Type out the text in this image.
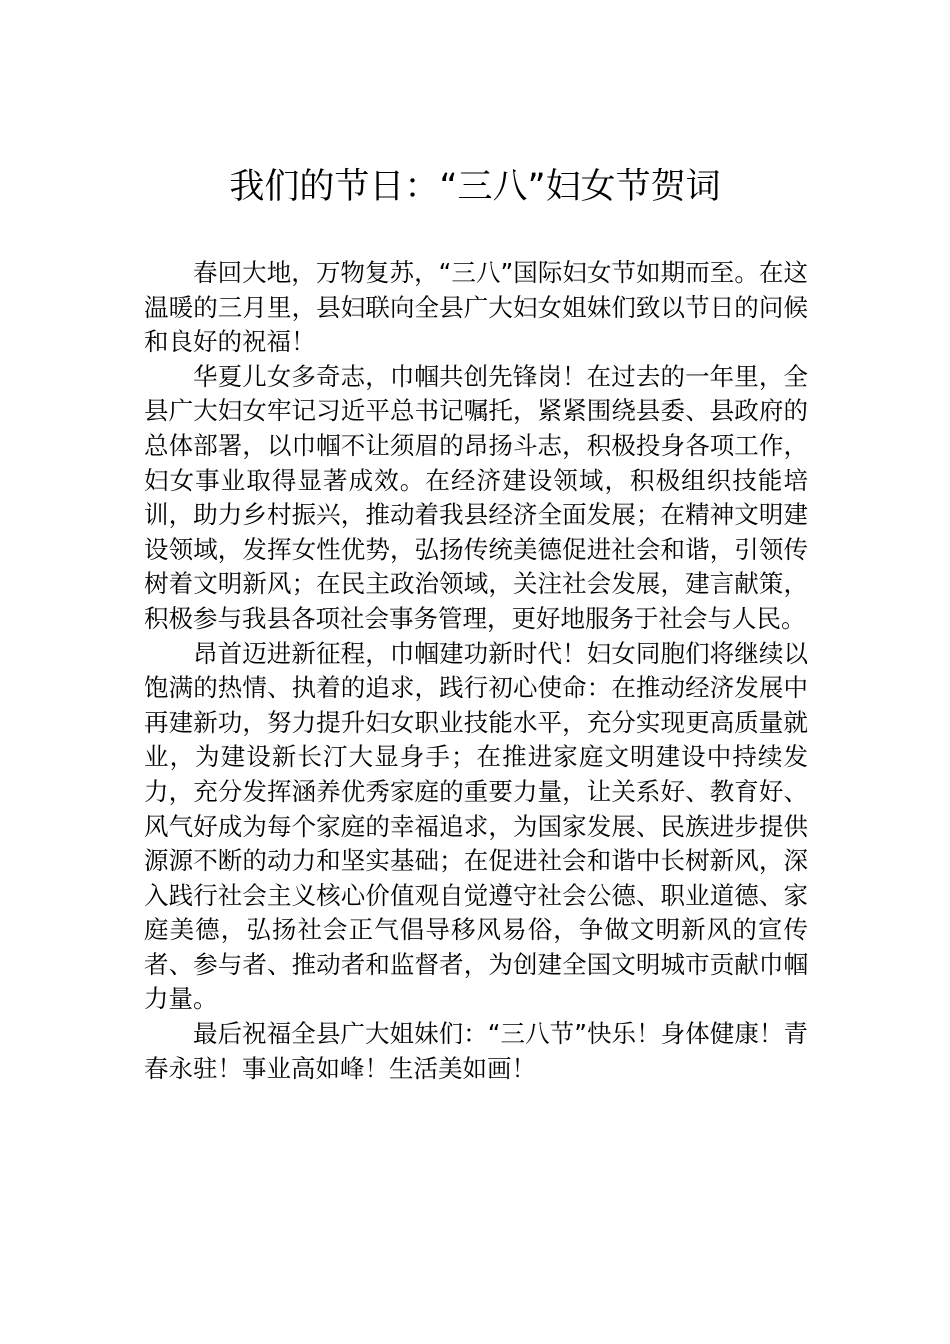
我们的节日：“三八”妇女节贺词

春回大地，万物复苏，“三八”国际妇女节如期而至。在这温暖的三月里，县妇联向全县广大妇女姐妹们致以节日的问候和良好的祝福！

华夏儿女多奇志，巾帼共创先锋岗！在过去的一年里，全县广大妇女牢记习近平总书记嘱托，紧紧围绕县委、县政府的总体部署，以巾帼不让须眉的昂扬斗志，积极投身各项工作，妇女事业取得显著成效。在经济建设领域，积极组织技能培训，助力乡村振兴，推动着我县经济全面发展；在精神文明建设领域，发挥女性优势，弘扬传统美德促进社会和谐，引领传树着文明新风；在民主政治领域，关注社会发展，建言献策，积极参与我县各项社会事务管理，更好地服务于社会与人民。

昂首迈进新征程，巾帼建功新时代！妇女同胞们将继续以饱满的热情、执着的追求，践行初心使命：在推动经济发展中再建新功，努力提升妇女职业技能水平，充分实现更高质量就业，为建设新长汀大显身手；在推进家庭文明建设中持续发力，充分发挥涵养优秀家庭的重要力量，让关系好、教育好、风气好成为每个家庭的幸福追求，为国家发展、民族进步提供源源不断的动力和坚实基础；在促进社会和谐中长树新风，深入践行社会主义核心价值观自觉遵守社会公德、职业道德、家庭美德，弘扬社会正气倡导移风易俗，争做文明新风的宣传者、参与者、推动者和监督者，为创建全国文明城市贡献巾帼力量。

最后祝福全县广大姐妹们：“三八节”快乐！身体健康！青春永驻！事业高如峰！生活美如画！
